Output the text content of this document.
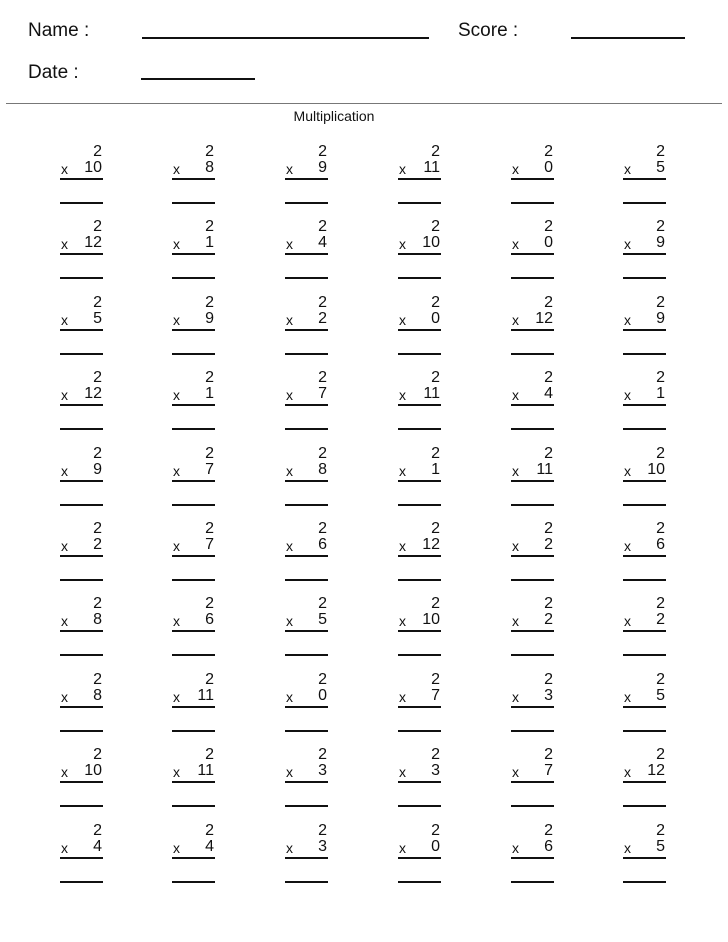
Name :	Score :
Date :
Multiplication
2
x 10
2
x 8
2
x 9
2
x 11
2
x 0
2
x 5
2
x 12
2
x 1
2
x 4
2
x 10
2
x 0
2
x 9
2
x 5
2
x 9
2
x 2
2
x 0
2
x 12
2
x 9
2
x 12
2
x 1
2
x 7
2
x 11
2
x 4
2
x 1
2
x 9
2
x 7
2
x 8
2
x 1
2
x 11
2
x 10
2
x 2
2
x 7
2
x 6
2
x 12
2
x 2
2
x 6
2
x 8
2
x 6
2
x 5
2
x 10
2
x 2
2
x 2
2
x 8
2
x 11
2
x 0
2
x 7
2
x 3
2
x 5
2
x 10
2
x 11
2
x 3
2
x 3
2
x 7
2
x 12
2
x 4
2
x 4
2
x 3
2
x 0
2
x 6
2
x 5
